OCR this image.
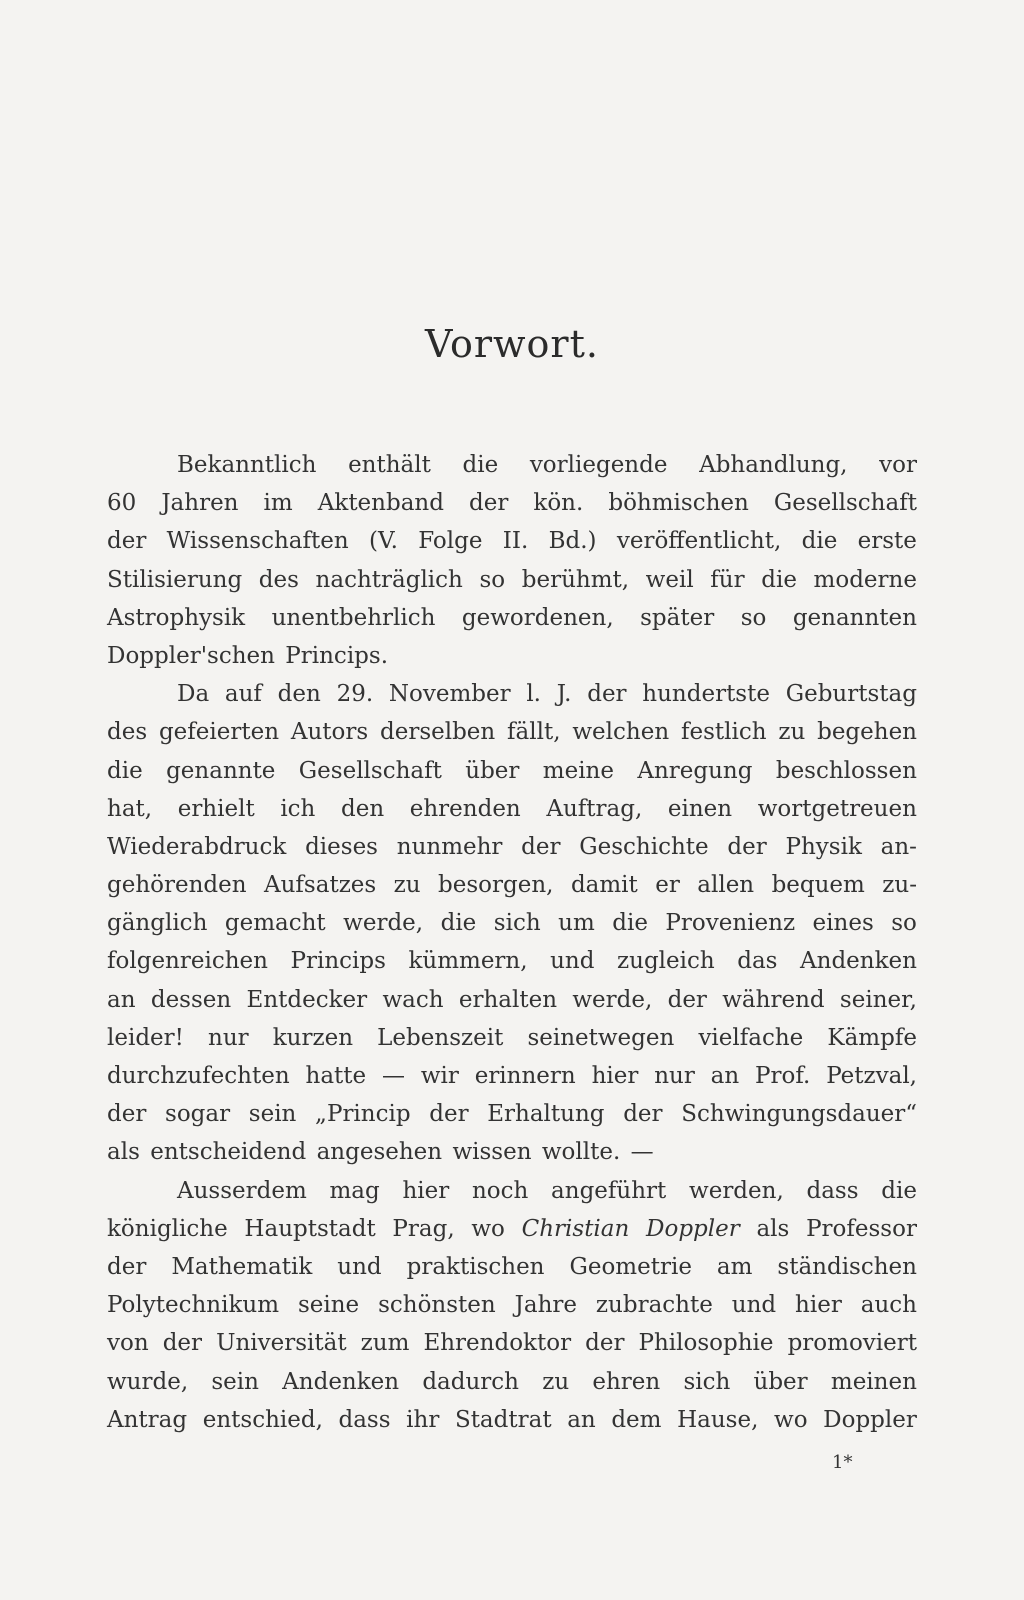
Vorwort.
Bekanntlich enthält die vorliegende Abhandlung, vor
60 Jahren im Aktenband der kön. böhmischen Gesellschaft
der Wissenschaften (V. Folge II. Bd.) veröffentlicht, die erste
Stilisierung des nachträglich so berühmt, weil für die moderne
Astrophysik unentbehrlich gewordenen, später so genannten
Doppler'schen Princips.
Da auf den 29. November l. J. der hundertste Geburtstag
des gefeierten Autors derselben fällt, welchen festlich zu begehen
die genannte Gesellschaft über meine Anregung beschlossen
hat, erhielt ich den ehrenden Auftrag, einen wortgetreuen
Wiederabdruck dieses nunmehr der Geschichte der Physik an-
gehörenden Aufsatzes zu besorgen, damit er allen bequem zu-
gänglich gemacht werde, die sich um die Provenienz eines so
folgenreichen Princips kümmern, und zugleich das Andenken
an dessen Entdecker wach erhalten werde, der während seiner,
leider! nur kurzen Lebenszeit seinetwegen vielfache Kämpfe
durchzufechten hatte — wir erinnern hier nur an Prof. Petzval,
der sogar sein „Princip der Erhaltung der Schwingungsdauer“
als entscheidend angesehen wissen wollte. —
Ausserdem mag hier noch angeführt werden, dass die
königliche Hauptstadt Prag, wo Christian Doppler als Professor
der Mathematik und praktischen Geometrie am ständischen
Polytechnikum seine schönsten Jahre zubrachte und hier auch
von der Universität zum Ehrendoktor der Philosophie promoviert
wurde, sein Andenken dadurch zu ehren sich über meinen
Antrag entschied, dass ihr Stadtrat an dem Hause, wo Doppler
1*
